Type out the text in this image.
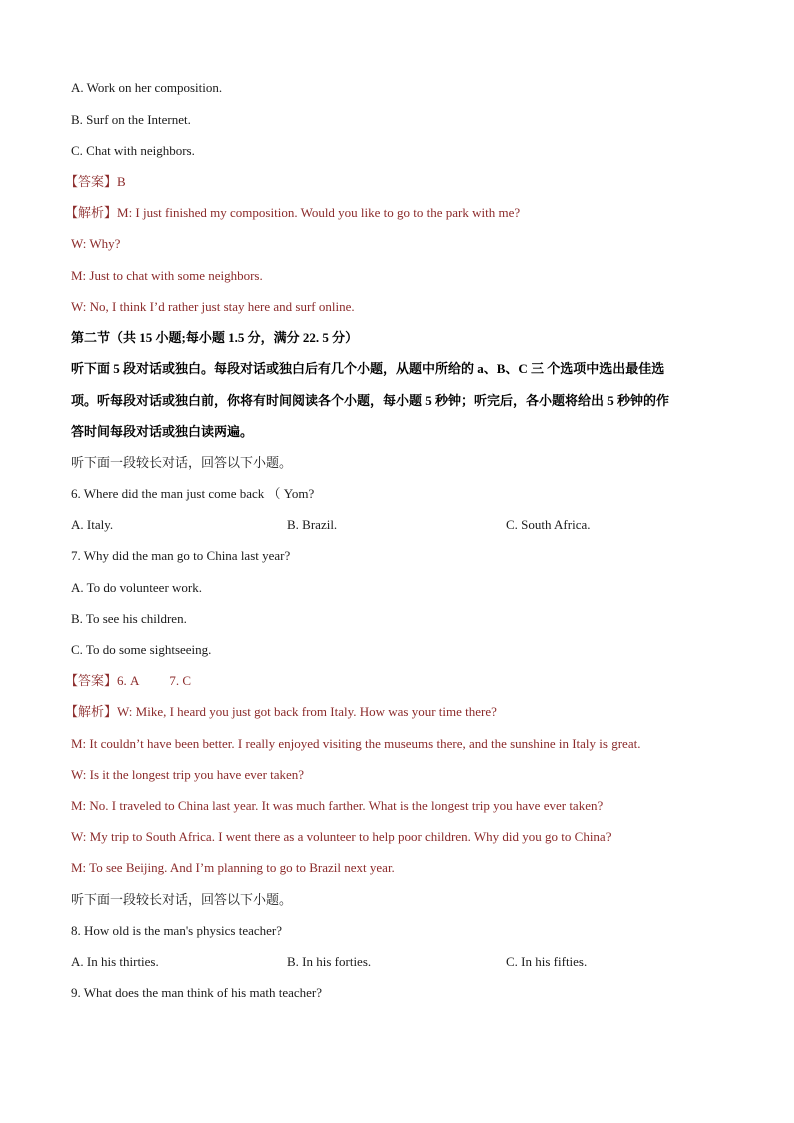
A. Work on her composition.
B. Surf on the Internet.
C. Chat with neighbors.
【答案】B
【解析】M: I just finished my composition. Would you like to go to the park with me?
W: Why?
M: Just to chat with some neighbors.
W: No, I think I’d rather just stay here and surf online.
第二节（共 15 小题;每小题 1.5 分，满分 22. 5 分）
听下面 5 段对话或独白。每段对话或独白后有几个小题，从题中所给的 a、B、C 三 个选项中选出最佳选
项。听每段对话或独白前，你将有时间阅读各个小题，每小题 5 秒钟；听完后，各小题将给出 5 秒钟的作
答时间每段对话或独白读两遍。
听下面一段较长对话，回答以下小题。
6. Where did the man just come back （ Yom?
A. Italy.	B. Brazil.	C. South Africa.
7. Why did the man go to China last year?
A. To do volunteer work.
B. To see his children.
C. To do some sightseeing.
【答案】6. A 7. C
【解析】W: Mike, I heard you just got back from Italy. How was your time there?
M: It couldn’t have been better. I really enjoyed visiting the museums there, and the sunshine in Italy is great.
W: Is it the longest trip you have ever taken?
M: No. I traveled to China last year. It was much farther. What is the longest trip you have ever taken?
W: My trip to South Africa. I went there as a volunteer to help poor children. Why did you go to China?
M: To see Beijing. And I’m planning to go to Brazil next year.
听下面一段较长对话，回答以下小题。
8. How old is the man's physics teacher?
A. In his thirties.	B. In his forties.	C. In his fifties.
9. What does the man think of his math teacher?
